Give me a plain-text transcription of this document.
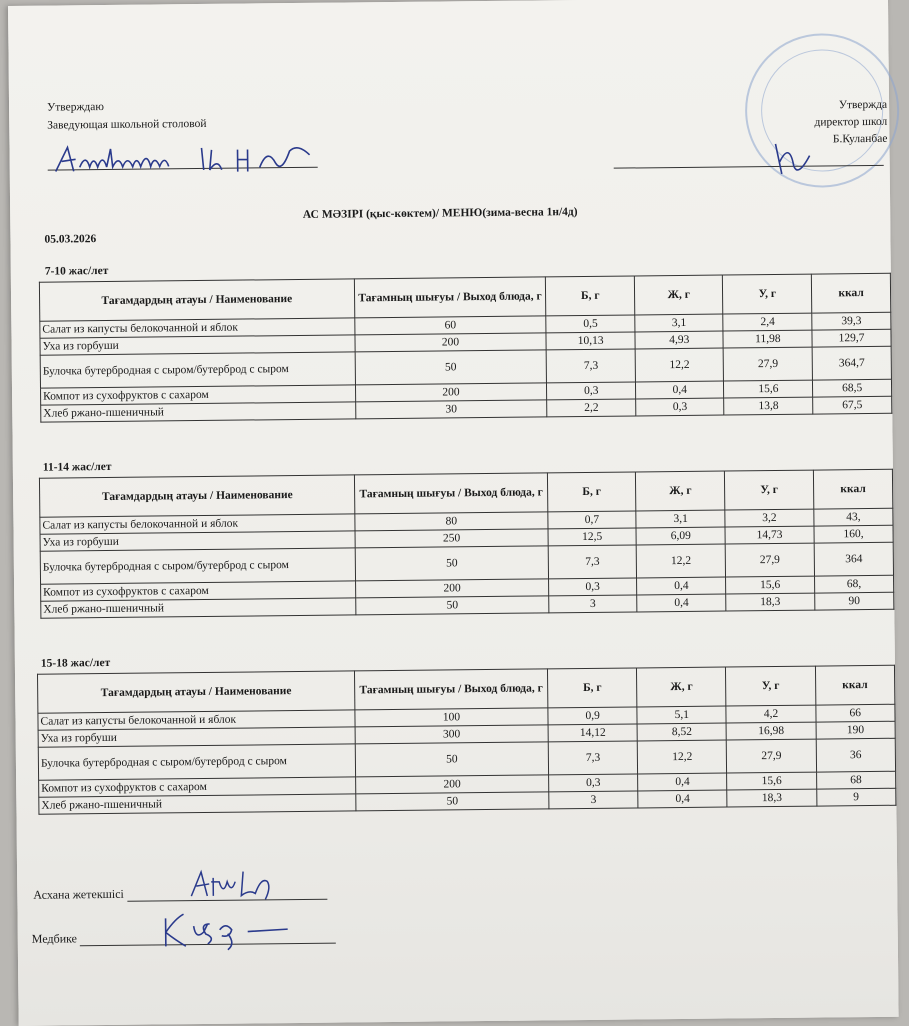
Утверждаю
Заведующая школьной столовой
Утвержда
директор школ
Б.Куланбае
АС МӘЗІРІ (қыс-көктем)/ МЕНЮ(зима-весна 1н/4д)
05.03.2026
7-10 жас/лет
Тағамдардың атауы / Наименование	Тағамның шығуы / Выход блюда, г	Б, г	Ж, г	У, г	ккал
Салат из капусты белокочанной и яблок	60	0,5	3,1	2,4	39,3
Уха из горбуши	200	10,13	4,93	11,98	129,7
Булочка бутербродная с сыром/бутерброд с сыром	50	7,3	12,2	27,9	364,7
Компот из сухофруктов с сахаром	200	0,3	0,4	15,6	68,5
Хлеб ржано-пшеничный	30	2,2	0,3	13,8	67,5
11-14 жас/лет
Тағамдардың атауы / Наименование	Тағамның шығуы / Выход блюда, г	Б, г	Ж, г	У, г	ккал
Салат из капусты белокочанной и яблок	80	0,7	3,1	3,2	43,
Уха из горбуши	250	12,5	6,09	14,73	160,
Булочка бутербродная с сыром/бутерброд с сыром	50	7,3	12,2	27,9	364
Компот из сухофруктов с сахаром	200	0,3	0,4	15,6	68,
Хлеб ржано-пшеничный	50	3	0,4	18,3	90
15-18 жас/лет
Тағамдардың атауы / Наименование	Тағамның шығуы / Выход блюда, г	Б, г	Ж, г	У, г	ккал
Салат из капусты белокочанной и яблок	100	0,9	5,1	4,2	66
Уха из горбуши	300	14,12	8,52	16,98	190
Булочка бутербродная с сыром/бутерброд с сыром	50	7,3	12,2	27,9	36
Компот из сухофруктов с сахаром	200	0,3	0,4	15,6	68
Хлеб ржано-пшеничный	50	3	0,4	18,3	9
Асхана жетекшісі
Медбике
